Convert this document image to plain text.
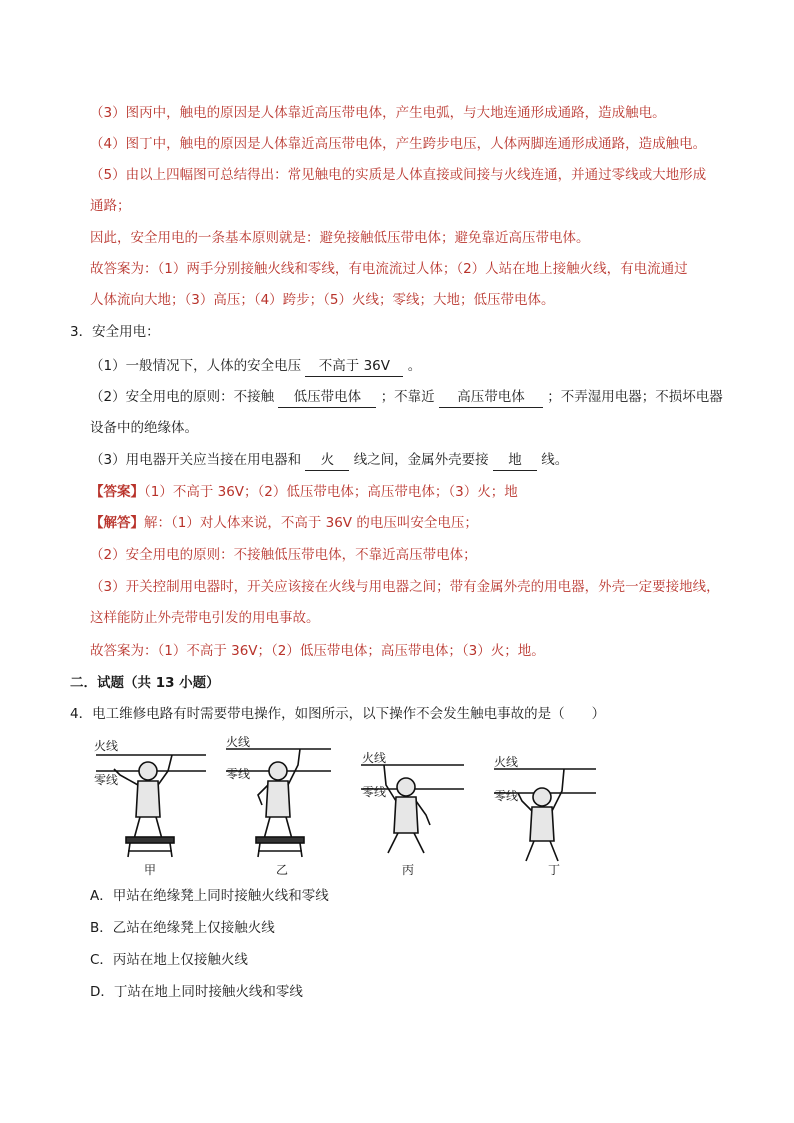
（3）图丙中，触电的原因是人体靠近高压带电体，产生电弧，与大地连通形成通路，造成触电。
（4）图丁中，触电的原因是人体靠近高压带电体，产生跨步电压，人体两脚连通形成通路，造成触电。
（5）由以上四幅图可总结得出：常见触电的实质是人体直接或间接与火线连通，并通过零线或大地形成
通路；
因此，安全用电的一条基本原则就是：避免接触低压带电体；避免靠近高压带电体。
故答案为：（1）两手分别接触火线和零线，有电流流过人体；（2）人站在地上接触火线，有电流通过
人体流向大地；（3）高压；（4）跨步；（5）火线；零线；大地；低压带电体。
3．安全用电：
（1）一般情况下，人体的安全电压 不高于 36V 。
（2）安全用电的原则：不接触 低压带电体 ；不靠近 高压带电体 ；不弄湿用电器；不损坏电器
设备中的绝缘体。
（3）用电器开关应当接在用电器和 火 线之间，金属外壳要接 地 线。
【答案】（1）不高于 36V；（2）低压带电体；高压带电体；（3）火；地
【解答】解：（1）对人体来说，不高于 36V 的电压叫安全电压；
（2）安全用电的原则：不接触低压带电体，不靠近高压带电体；
（3）开关控制用电器时，开关应该接在火线与用电器之间；带有金属外壳的用电器，外壳一定要接地线，
这样能防止外壳带电引发的用电事故。
故答案为：（1）不高于 36V；（2）低压带电体；高压带电体；（3）火；地。
二．试题（共 13 小题）
4．电工维修电路有时需要带电操作，如图所示，以下操作不会发生触电事故的是（　　）
火线
零线
火线
零线
火线
零线
火线
零线
甲	乙	丙	丁
A．甲站在绝缘凳上同时接触火线和零线
B．乙站在绝缘凳上仅接触火线
C．丙站在地上仅接触火线
D．丁站在地上同时接触火线和零线
